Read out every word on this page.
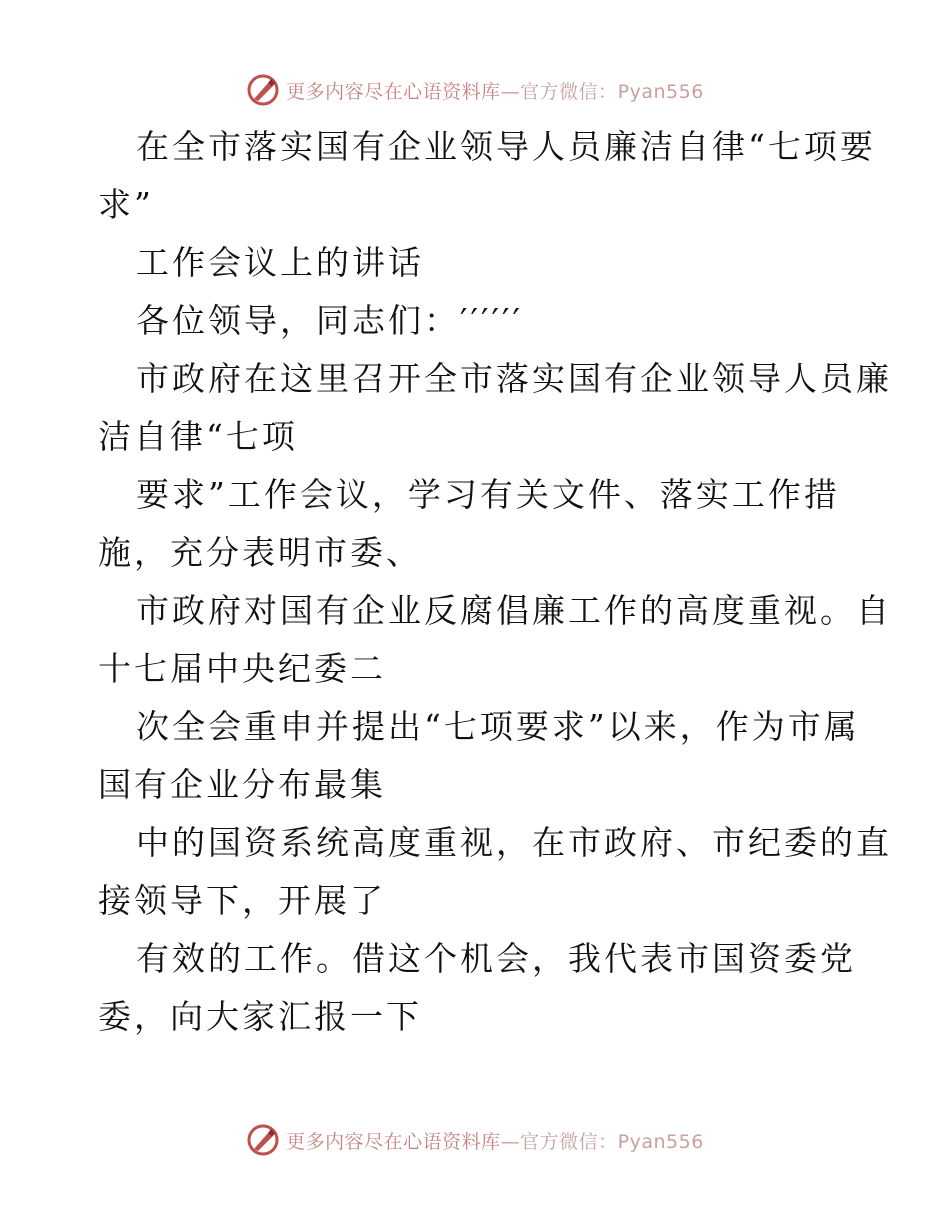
更多内容尽在心语资料库 —官方微信：Pyan556
在全市落实国有企业领导人员廉洁自律“七项要
求”
工作会议上的讲话
各位领导，同志们：′′′′′′
市政府在这里召开全市落实国有企业领导人员廉
洁自律“七项
要求”工作会议，学习有关文件、落实工作措
施，充分表明市委、
市政府对国有企业反腐倡廉工作的高度重视。自
十七届中央纪委二
次全会重申并提出“七项要求”以来，作为市属
国有企业分布最集
中的国资系统高度重视，在市政府、市纪委的直
接领导下，开展了
有效的工作。借这个机会，我代表市国资委党
委，向大家汇报一下
更多内容尽在心语资料库 —官方微信：Pyan556
